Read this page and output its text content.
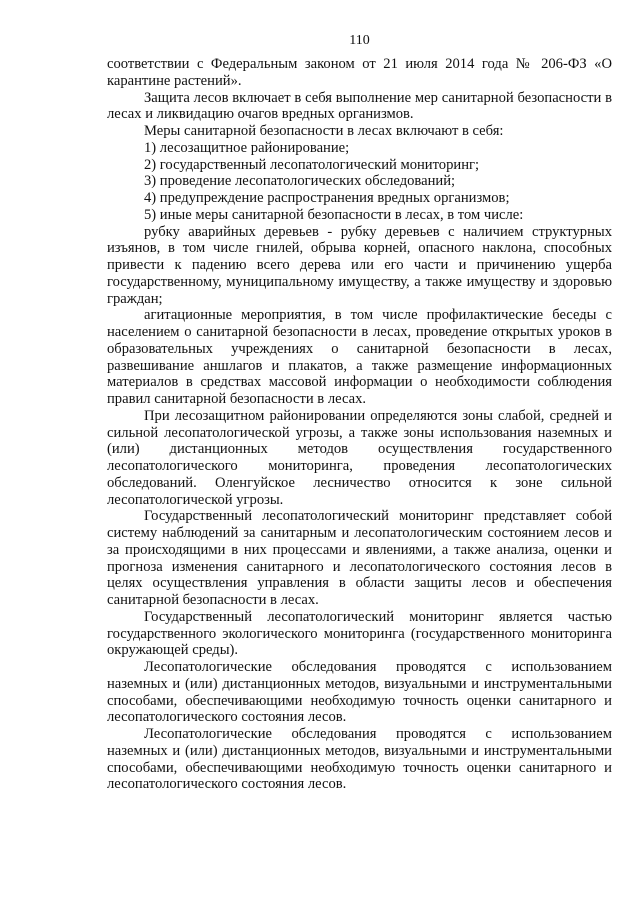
110

соответствии с Федеральным законом от 21 июля 2014 года № 206-ФЗ «О карантине растений».

Защита лесов включает в себя выполнение мер санитарной безопасности в лесах и ликвидацию очагов вредных организмов.

Меры санитарной безопасности в лесах включают в себя:

1) лесозащитное районирование;

2) государственный лесопатологический мониторинг;

3) проведение лесопатологических обследований;

4) предупреждение распространения вредных организмов;

5) иные меры санитарной безопасности в лесах, в том числе:

рубку аварийных деревьев - рубку деревьев с наличием структурных изъянов, в том числе гнилей, обрыва корней, опасного наклона, способных привести к падению всего дерева или его части и причинению ущерба государственному, муниципальному имуществу, а также имуществу и здоровью граждан;

агитационные мероприятия, в том числе профилактические беседы с населением о санитарной безопасности в лесах, проведение открытых уроков в образовательных учреждениях о санитарной безопасности в лесах, развешивание аншлагов и плакатов, а также размещение информационных материалов в средствах массовой информации о необходимости соблюдения правил санитарной безопасности в лесах.

При лесозащитном районировании определяются зоны слабой, средней и сильной лесопатологической угрозы, а также зоны использования наземных и (или) дистанционных методов осуществления государственного лесопатологического мониторинга, проведения лесопатологических обследований. Оленгуйское лесничество относится к зоне сильной лесопатологической угрозы.

Государственный лесопатологический мониторинг представляет собой систему наблюдений за санитарным и лесопатологическим состоянием лесов и за происходящими в них процессами и явлениями, а также анализа, оценки и прогноза изменения санитарного и лесопатологического состояния лесов в целях осуществления управления в области защиты лесов и обеспечения санитарной безопасности в лесах.

Государственный лесопатологический мониторинг является частью государственного экологического мониторинга (государственного мониторинга окружающей среды).

Лесопатологические обследования проводятся с использованием наземных и (или) дистанционных методов, визуальными и инструментальными способами, обеспечивающими необходимую точность оценки санитарного и лесопатологического состояния лесов.

Лесопатологические обследования проводятся с использованием наземных и (или) дистанционных методов, визуальными и инструментальными способами, обеспечивающими необходимую точность оценки санитарного и лесопатологического состояния лесов.
